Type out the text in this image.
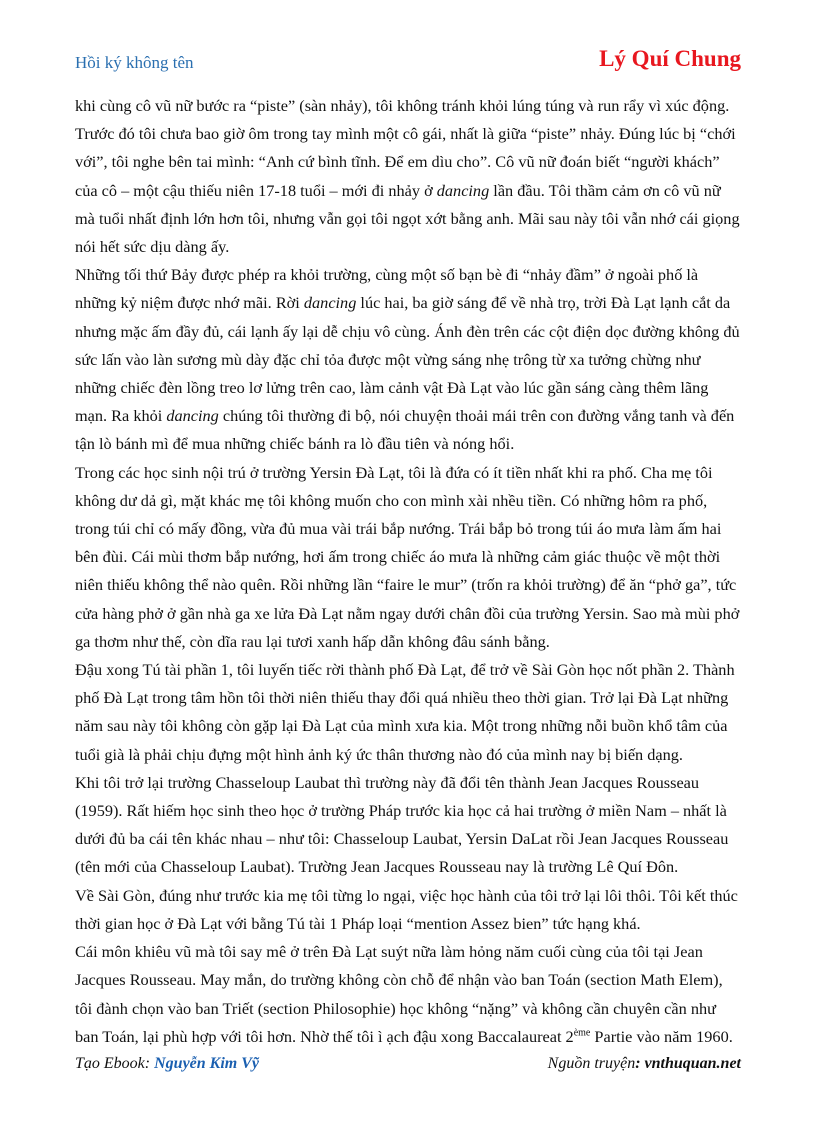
Hồi ký không tên	Lý Quí Chung

khi cùng cô vũ nữ bước ra “piste” (sàn nhảy), tôi không tránh khỏi lúng túng và run rẩy vì xúc động. Trước đó tôi chưa bao giờ ôm trong tay mình một cô gái, nhất là giữa “piste” nhảy. Đúng lúc bị “chới với”, tôi nghe bên tai mình: “Anh cứ bình tĩnh. Để em dìu cho”. Cô vũ nữ đoán biết “người khách” của cô – một cậu thiếu niên 17-18 tuổi – mới đi nhảy ở dancing lần đầu. Tôi thầm cảm ơn cô vũ nữ mà tuổi nhất định lớn hơn tôi, nhưng vẫn gọi tôi ngọt xớt bằng anh. Mãi sau này tôi vẫn nhớ cái giọng nói hết sức dịu dàng ấy.

Những tối thứ Bảy được phép ra khỏi trường, cùng một số bạn bè đi “nhảy đầm” ở ngoài phố là những kỷ niệm được nhớ mãi. Rời dancing lúc hai, ba giờ sáng để về nhà trọ, trời Đà Lạt lạnh cắt da nhưng mặc ấm đầy đủ, cái lạnh ấy lại dễ chịu vô cùng. Ánh đèn trên các cột điện dọc đường không đủ sức lấn vào làn sương mù dày đặc chỉ tỏa được một vừng sáng nhẹ trông từ xa tưởng chừng như những chiếc đèn lồng treo lơ lửng trên cao, làm cảnh vật Đà Lạt vào lúc gần sáng càng thêm lãng mạn. Ra khỏi dancing chúng tôi thường đi bộ, nói chuyện thoải mái trên con đường vắng tanh và đến tận lò bánh mì để mua những chiếc bánh ra lò đầu tiên và nóng hổi.

Trong các học sinh nội trú ở trường Yersin Đà Lạt, tôi là đứa có ít tiền nhất khi ra phố. Cha mẹ tôi không dư dả gì, mặt khác mẹ tôi không muốn cho con mình xài nhều tiền. Có những hôm ra phố, trong túi chỉ có mấy đồng, vừa đủ mua vài trái bắp nướng. Trái bắp bỏ trong túi áo mưa làm ấm hai bên đùi. Cái mùi thơm bắp nướng, hơi ấm trong chiếc áo mưa là những cảm giác thuộc về một thời niên thiếu không thể nào quên. Rồi những lần “faire le mur” (trốn ra khỏi trường) để ăn “phở ga”, tức cửa hàng phở ở gần nhà ga xe lửa Đà Lạt nằm ngay dưới chân đồi của trường Yersin. Sao mà mùi phở ga thơm như thế, còn dĩa rau lại tươi xanh hấp dẫn không đâu sánh bằng.

Đậu xong Tú tài phần 1, tôi luyến tiếc rời thành phố Đà Lạt, để trở về Sài Gòn học nốt phần 2. Thành phố Đà Lạt trong tâm hồn tôi thời niên thiếu thay đổi quá nhiều theo thời gian. Trở lại Đà Lạt những năm sau này tôi không còn gặp lại Đà Lạt của mình xưa kia. Một trong những nỗi buồn khổ tâm của tuổi già là phải chịu đựng một hình ảnh ký ức thân thương nào đó của mình nay bị biến dạng.

Khi tôi trở lại trường Chasseloup Laubat thì trường này đã đổi tên thành Jean Jacques Rousseau (1959). Rất hiếm học sinh theo học ở trường Pháp trước kia học cả hai trường ở miền Nam – nhất là dưới đủ ba cái tên khác nhau – như tôi: Chasseloup Laubat, Yersin DaLat rồi Jean Jacques Rousseau (tên mới của Chasseloup Laubat). Trường Jean Jacques Rousseau nay là trường Lê Quí Đôn.

Về Sài Gòn, đúng như trước kia mẹ tôi từng lo ngại, việc học hành của tôi trở lại lôi thôi. Tôi kết thúc thời gian học ở Đà Lạt với bằng Tú tài 1 Pháp loại “mention Assez bien” tức hạng khá.

Cái môn khiêu vũ mà tôi say mê ở trên Đà Lạt suýt nữa làm hỏng năm cuối cùng của tôi tại Jean Jacques Rousseau. May mắn, do trường không còn chỗ để nhận vào ban Toán (section Math Elem), tôi đành chọn vào ban Triết (section Philosophie) học không “nặng” và không cần chuyên cần như ban Toán, lại phù hợp với tôi hơn. Nhờ thế tôi ì ạch đậu xong Baccalaureat 2ème Partie vào năm 1960.

Tạo Ebook: Nguyễn Kim Vỹ	Nguồn truyện: vnthuquan.net
